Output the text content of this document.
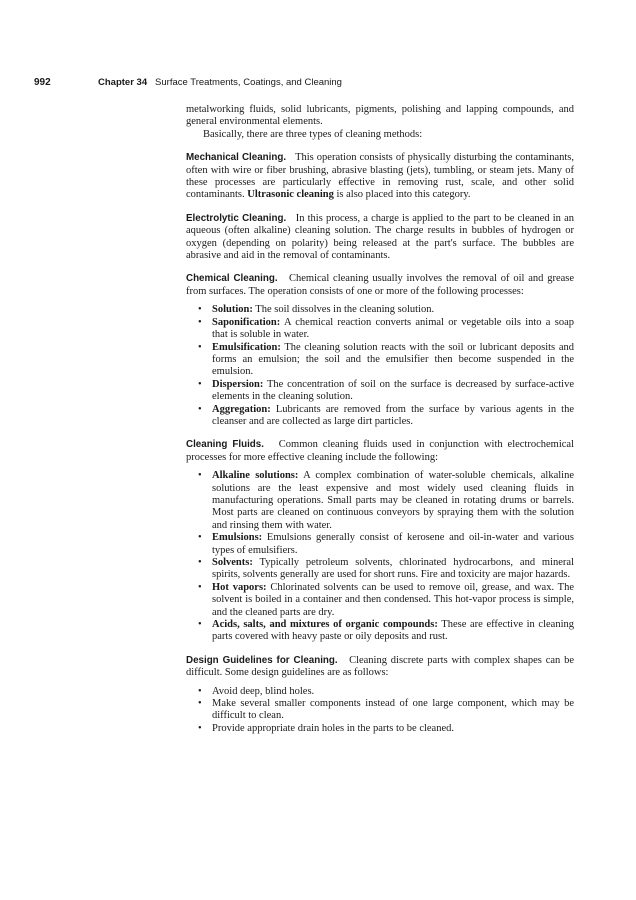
992	Chapter 34 Surface Treatments, Coatings, and Cleaning

metalworking fluids, solid lubricants, pigments, polishing and lapping compounds, and general environmental elements.

Basically, there are three types of cleaning methods:

Mechanical Cleaning. This operation consists of physically disturbing the contaminants, often with wire or fiber brushing, abrasive blasting (jets), tumbling, or steam jets. Many of these processes are particularly effective in removing rust, scale, and other solid contaminants. Ultrasonic cleaning is also placed into this category.

Electrolytic Cleaning. In this process, a charge is applied to the part to be cleaned in an aqueous (often alkaline) cleaning solution. The charge results in bubbles of hydrogen or oxygen (depending on polarity) being released at the part's surface. The bubbles are abrasive and aid in the removal of contaminants.

Chemical Cleaning. Chemical cleaning usually involves the removal of oil and grease from surfaces. The operation consists of one or more of the following processes:

• Solution: The soil dissolves in the cleaning solution.
• Saponification: A chemical reaction converts animal or vegetable oils into a soap that is soluble in water.
• Emulsification: The cleaning solution reacts with the soil or lubricant deposits and forms an emulsion; the soil and the emulsifier then become suspended in the emulsion.
• Dispersion: The concentration of soil on the surface is decreased by surface-active elements in the cleaning solution.
• Aggregation: Lubricants are removed from the surface by various agents in the cleanser and are collected as large dirt particles.

Cleaning Fluids. Common cleaning fluids used in conjunction with electrochemical processes for more effective cleaning include the following:

• Alkaline solutions: A complex combination of water-soluble chemicals, alkaline solutions are the least expensive and most widely used cleaning fluids in manufacturing operations. Small parts may be cleaned in rotating drums or barrels. Most parts are cleaned on continuous conveyors by spraying them with the solution and rinsing them with water.
• Emulsions: Emulsions generally consist of kerosene and oil-in-water and various types of emulsifiers.
• Solvents: Typically petroleum solvents, chlorinated hydrocarbons, and mineral spirits, solvents generally are used for short runs. Fire and toxicity are major hazards.
• Hot vapors: Chlorinated solvents can be used to remove oil, grease, and wax. The solvent is boiled in a container and then condensed. This hot-vapor process is simple, and the cleaned parts are dry.
• Acids, salts, and mixtures of organic compounds: These are effective in cleaning parts covered with heavy paste or oily deposits and rust.

Design Guidelines for Cleaning. Cleaning discrete parts with complex shapes can be difficult. Some design guidelines are as follows:

• Avoid deep, blind holes.
• Make several smaller components instead of one large component, which may be difficult to clean.
• Provide appropriate drain holes in the parts to be cleaned.
